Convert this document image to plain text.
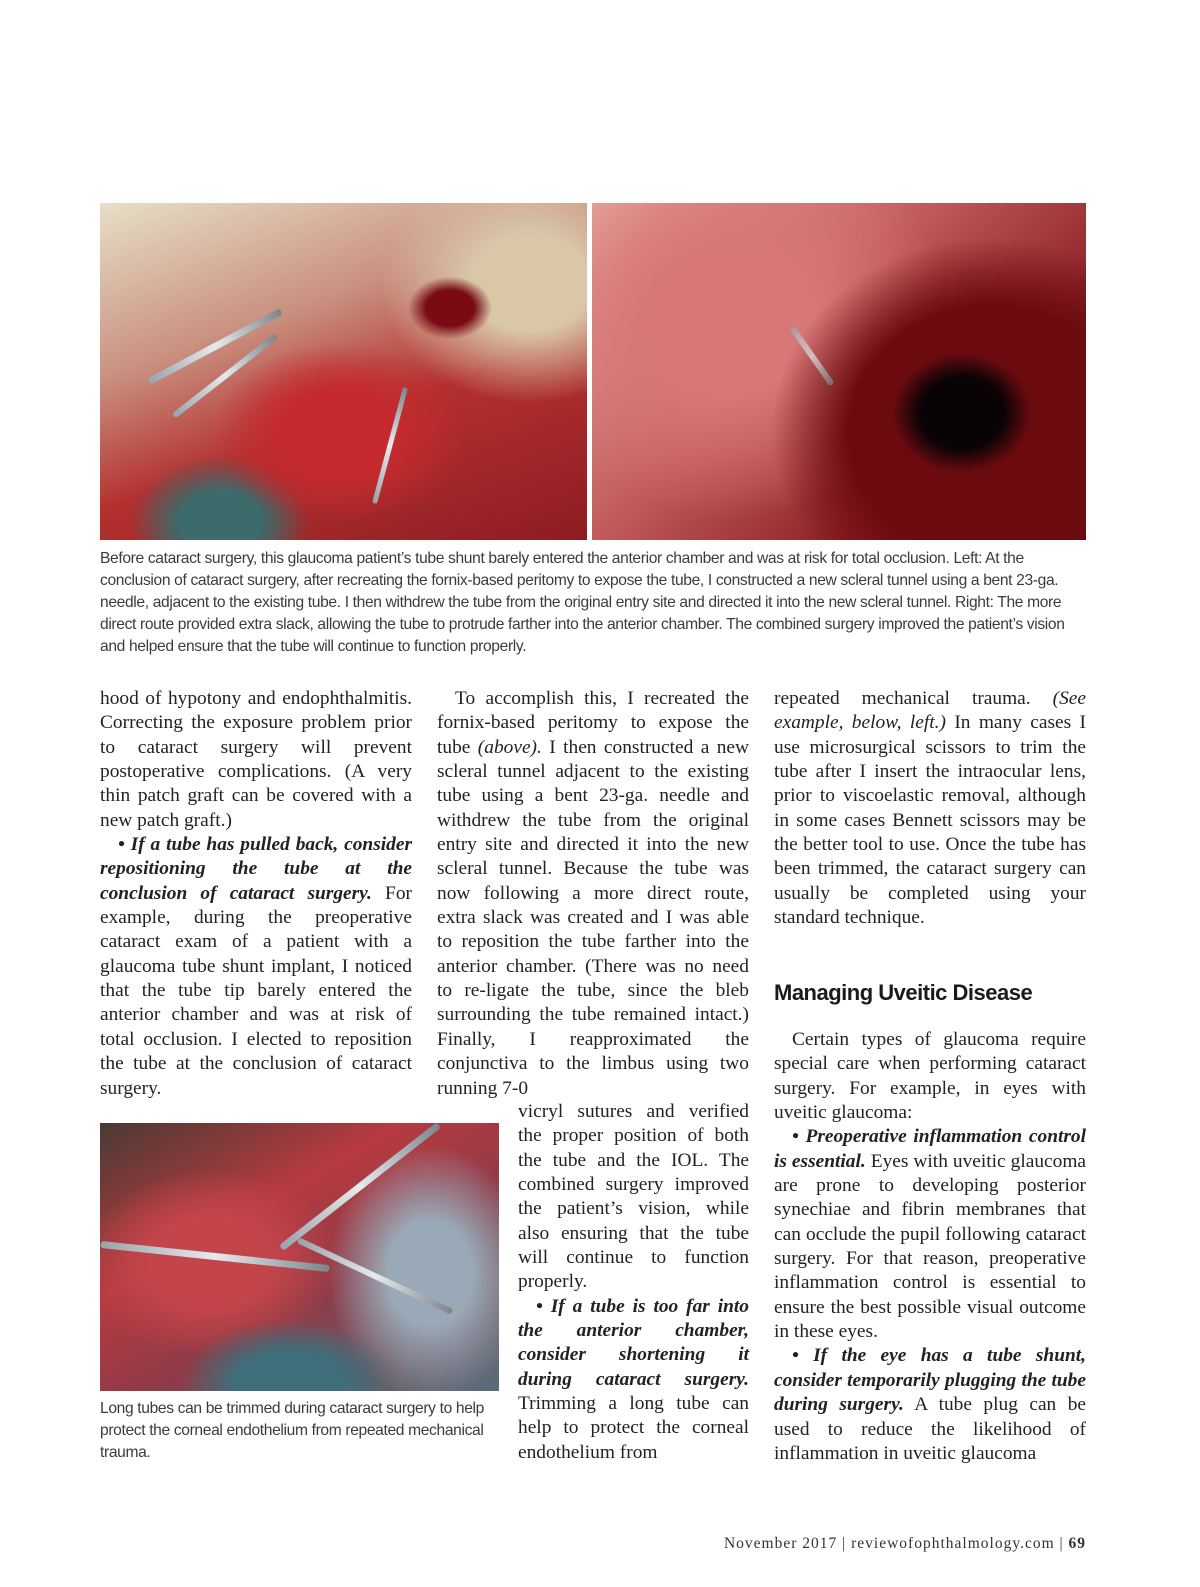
Before cataract surgery, this glaucoma patient’s tube shunt barely entered the anterior chamber and was at risk for total occlusion. Left: At the conclusion of cataract surgery, after recreating the fornix-based peritomy to expose the tube, I constructed a new scleral tunnel using a bent 23-ga. needle, adjacent to the existing tube. I then withdrew the tube from the original entry site and directed it into the new scleral tunnel. Right: The more direct route provided extra slack, allowing the tube to protrude farther into the anterior chamber. The combined surgery improved the patient’s vision and helped ensure that the tube will continue to function properly.
Long tubes can be trimmed during cataract surgery to help protect the corneal endothelium from repeated mechanical trauma.

hood of hypotony and endophthalmitis. Correcting the exposure problem prior to cataract surgery will prevent postoperative complications. (A very thin patch graft can be covered with a new patch graft.)

• If a tube has pulled back, consider repositioning the tube at the conclusion of cataract surgery. For example, during the preoperative cataract exam of a patient with a glaucoma tube shunt implant, I noticed that the tube tip barely entered the anterior chamber and was at risk of total occlusion. I elected to reposition the tube at the conclusion of cataract surgery.

To accomplish this, I recreated the fornix-based peritomy to expose the tube (above). I then constructed a new scleral tunnel adjacent to the existing tube using a bent 23-ga. needle and withdrew the tube from the original entry site and directed it into the new scleral tunnel. Because the tube was now following a more direct route, extra slack was created and I was able to reposition the tube farther into the anterior chamber. (There was no need to re-ligate the tube, since the bleb surrounding the tube remained intact.) Finally, I reapproximated the conjunctiva to the limbus using two running 7-0

vicryl sutures and verified the proper position of both the tube and the IOL. The combined surgery improved the patient’s vision, while also ensuring that the tube will continue to function properly.

• If a tube is too far into the anterior chamber, consider shortening it during cataract surgery. Trimming a long tube can help to protect the corneal endothelium from

repeated mechanical trauma. (See example, below, left.) In many cases I use microsurgical scissors to trim the tube after I insert the intraocular lens, prior to viscoelastic removal, although in some cases Bennett scissors may be the better tool to use. Once the tube has been trimmed, the cataract surgery can usually be completed using your standard technique.

Managing Uveitic Disease

Certain types of glaucoma require special care when performing cataract surgery. For example, in eyes with uveitic glaucoma:

• Preoperative inflammation control is essential. Eyes with uveitic glaucoma are prone to developing posterior synechiae and fibrin membranes that can occlude the pupil following cataract surgery. For that reason, preoperative inflammation control is essential to ensure the best possible visual outcome in these eyes.

• If the eye has a tube shunt, consider temporarily plugging the tube during surgery. A tube plug can be used to reduce the likelihood of inflammation in uveitic glaucoma

November 2017 | reviewofophthalmology.com | 69
